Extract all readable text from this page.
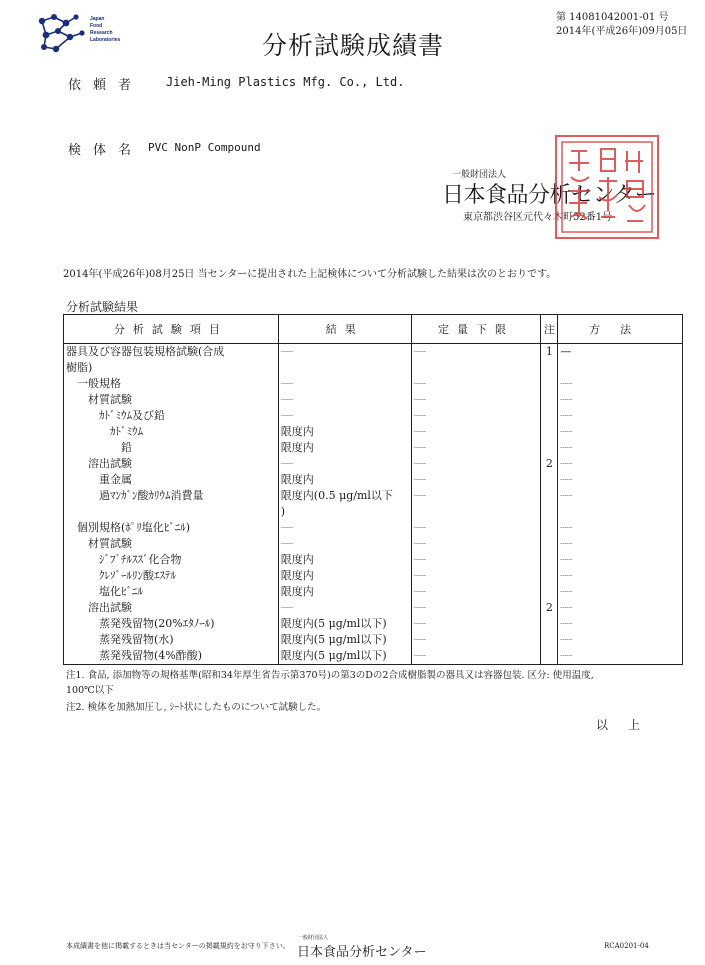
Japan
Food
Research
Laboratories	分析試験成績書
第 14081042001-01 号
2014年(平成26年)09月05日
依頼者 Jieh-Ming Plastics Mfg. Co., Ltd.
検体名 PVC NonP Compound
一般財団法人
日本食品分析センター
東京都渋谷区元代々木町52番1号
2014年(平成26年)08月25日 当センターに提出された上記検体について分析試験した結果は次のとおりです。
分析試験結果
分析試験項目	結果	定量下限	注	方法
器具及び容器包装規格試験(合成	------	------	1	—
樹脂)				
一般規格	------	------		------
材質試験	------	------		------
ｶﾄﾞﾐｳﾑ及び鉛	------	------		------
ｶﾄﾞﾐｳﾑ	限度内	------		------
鉛	限度内	------		------
溶出試験	------	------	2	------
重金属	限度内	------		------
過ﾏﾝｶﾞﾝ酸ｶﾘｳﾑ消費量	限度内(0.5 μg/ml以下	------		------
	)			
個別規格(ﾎﾟﾘ塩化ﾋﾞﾆﾙ)	------	------		------
材質試験	------	------		------
ｼﾞﾌﾞﾁﾙｽｽﾞ化合物	限度内	------		------
ｸﾚｿﾞｰﾙﾘﾝ酸ｴｽﾃﾙ	限度内	------		------
塩化ﾋﾞﾆﾙ	限度内	------		------
溶出試験	------	------	2	------
蒸発残留物(20%ｴﾀﾉｰﾙ)	限度内(5 μg/ml以下)	------		------
蒸発残留物(水)	限度内(5 μg/ml以下)	------		------
蒸発残留物(4%酢酸)	限度内(5 μg/ml以下)	------		------
注1. 食品, 添加物等の規格基準(昭和34年厚生省告示第370号)の第3のDの2合成樹脂製の器具又は容器包装. 区分: 使用温度,
100℃以下
注2. 検体を加熱加圧し, ｼｰﾄ状にしたものについて試験した。
以　上
本成績書を他に掲載するときは当センターの掲載規約をお守り下さい。
一般財団法人
日本食品分析センター	RCA0201-04
